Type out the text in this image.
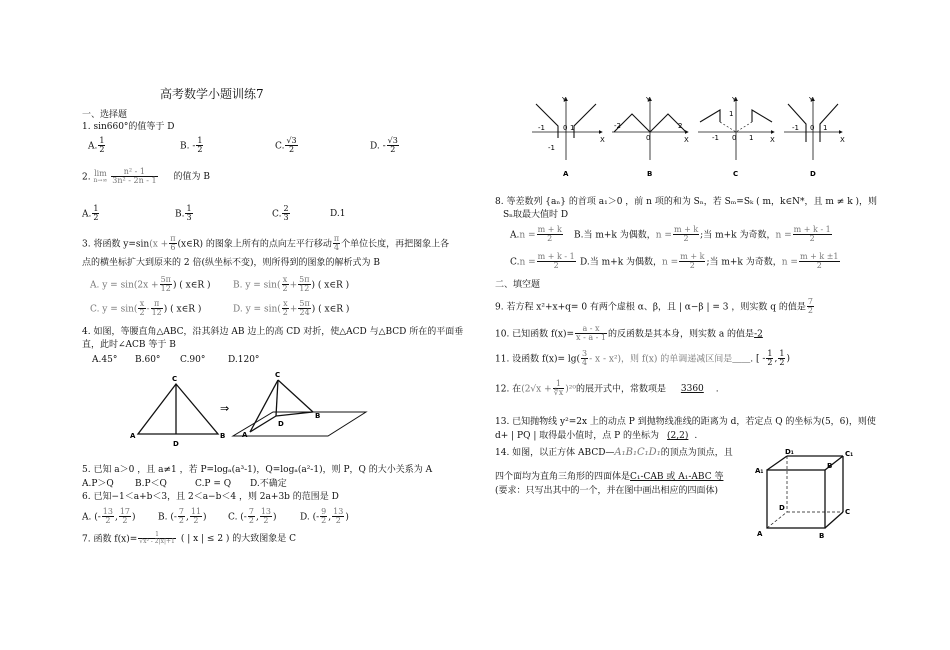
高考数学小题训练7
一、选择题
1. sin660°的值等于 D
A. $\frac{1}{2}$	B. - $\frac{1}{2}$	C. $\frac{√3}{2}$	D. - $\frac{√3}{2}$
2. lim
n→∞
$\frac{\text{n² - 1}}{\text{3n² - 2n - 1}}$ 的值为 B
A. $\frac{1}{2}$	B. $\frac{1}{3}$	C. $\frac{2}{3}$	D.1
3. 将函数 $y=\sin(x + \frac{\pi}{6}$ (x∈R) 的图象上所有的点向左平行移动 $\frac{\pi}{4}$ 个单位长度，再把图象上各
点的横坐标扩大到原来的 2 倍(纵坐标不变)，则所得到的图象的解析式为 B
A. $y = \sin(2x + \frac{5\pi}{12}$ ) ( x∈R ) B. $y = \sin( \frac{x}{2} + \frac{5\pi}{12}$ ) ( x∈R )
C. $y = \sin( \frac{x}{2} - \frac{\pi}{12}$ ) ( x∈R )	D. $y = \sin( \frac{x}{2} + \frac{5\pi}{24}$ ) ( x∈R )
4. 如图，等腰直角△ABC，沿其斜边 AB 边上的高 CD 对折，使△ACD 与△BCD 所在的平面垂
直，此时∠ACB 等于 B
A.45° B.60° C.90°	D.120°
A	B
C
D
⇒
C
A
D
B
5. 已知 a＞0 ，且 a≠1 ，若 P=logₐ(a³-1)，Q=logₐ(a²-1)，则 P，Q 的大小关系为 A
A.P＞Q B.P＜Q	C.P = Q D.不确定
6. 已知−1＜a+b＜3，且 2＜a−b＜4 ，则 2a+3b 的范围是 D
A. (- $\frac{13}{2}$ , $\frac{17}{2}$ ) B. (- $\frac{7}{2}$ , $\frac{11}{2}$ ) C. (- $\frac{7}{2}$ , $\frac{13}{2}$ )	D. (- $\frac{9}{2}$ , $\frac{13}{2}$ )
7. 函数 $f(x)= \frac{1}{\text{√x² - 2|x|+1}}$ ( | x | ≤ 2 ) 的大致图象是 C
Y
X
-1	0 1
-1
Y
X
-2
0
2
Y
X
1
-1 0 1
Y
X
-1 0 1
A	B	C	D
8. 等差数列 {aₙ} 的首项 a₁＞0 ，前 n 项的和为 Sₙ，若 Sₘ=Sₖ ( m，k∈N*，且 m ≠ k )，则
Sₙ取最大值时 D
$A.n = \frac{m + k}{2} B$.当 m+k 为偶数，$n = \frac{m + k}{2}$ ;当 m+k 为奇数，$n = \frac{m + k - 1}{2}$
$C.n = \frac{m + k - 1}{2} D$.当 m+k 为偶数，$n = \frac{m + k}{2}$ ;当 m+k 为奇数，$n = \frac{m + k \pm 1}{2}$
二、填空题
9. 若方程 x²+x+q= 0 有两个虚根 α、β，且 | α−β | = 3 ，则实数 q 的值是 $\frac{7}{2}$
10. 已知函数 $f(x)= \frac{a - x}{x - a - 1}$ 的反函数是其本身，则实数 a 的值是-2
11. 设函数 $f(x)= \lg( \frac{3}{4} - x - x^2)$，则 f(x) 的单调递减区间是＿＿. [ - $\frac{1}{2}$ , $\frac{1}{2}$ )
12. 在$(2√x + \frac{1}{∜x} )^{20}$的展开式中，常数项是 3360 .
13. 已知抛物线 y²=2x 上的动点 P 到抛物线准线的距离为 d，若定点 Q 的坐标为(5，6)，则使
d+ | PQ | 取得最小值时，点 P 的坐标为 (2,2) .
14. 如图，以正方体 ABCD—A₁B₁C₁D₁的顶点为顶点，且
四个面均为直角三角形的四面体是C₁-CAB 或 A₁-ABC 等
(要求：只写出其中的一个，并在图中画出相应的四面体)
A₁
D₁	C₁
B
A	B
C
D
